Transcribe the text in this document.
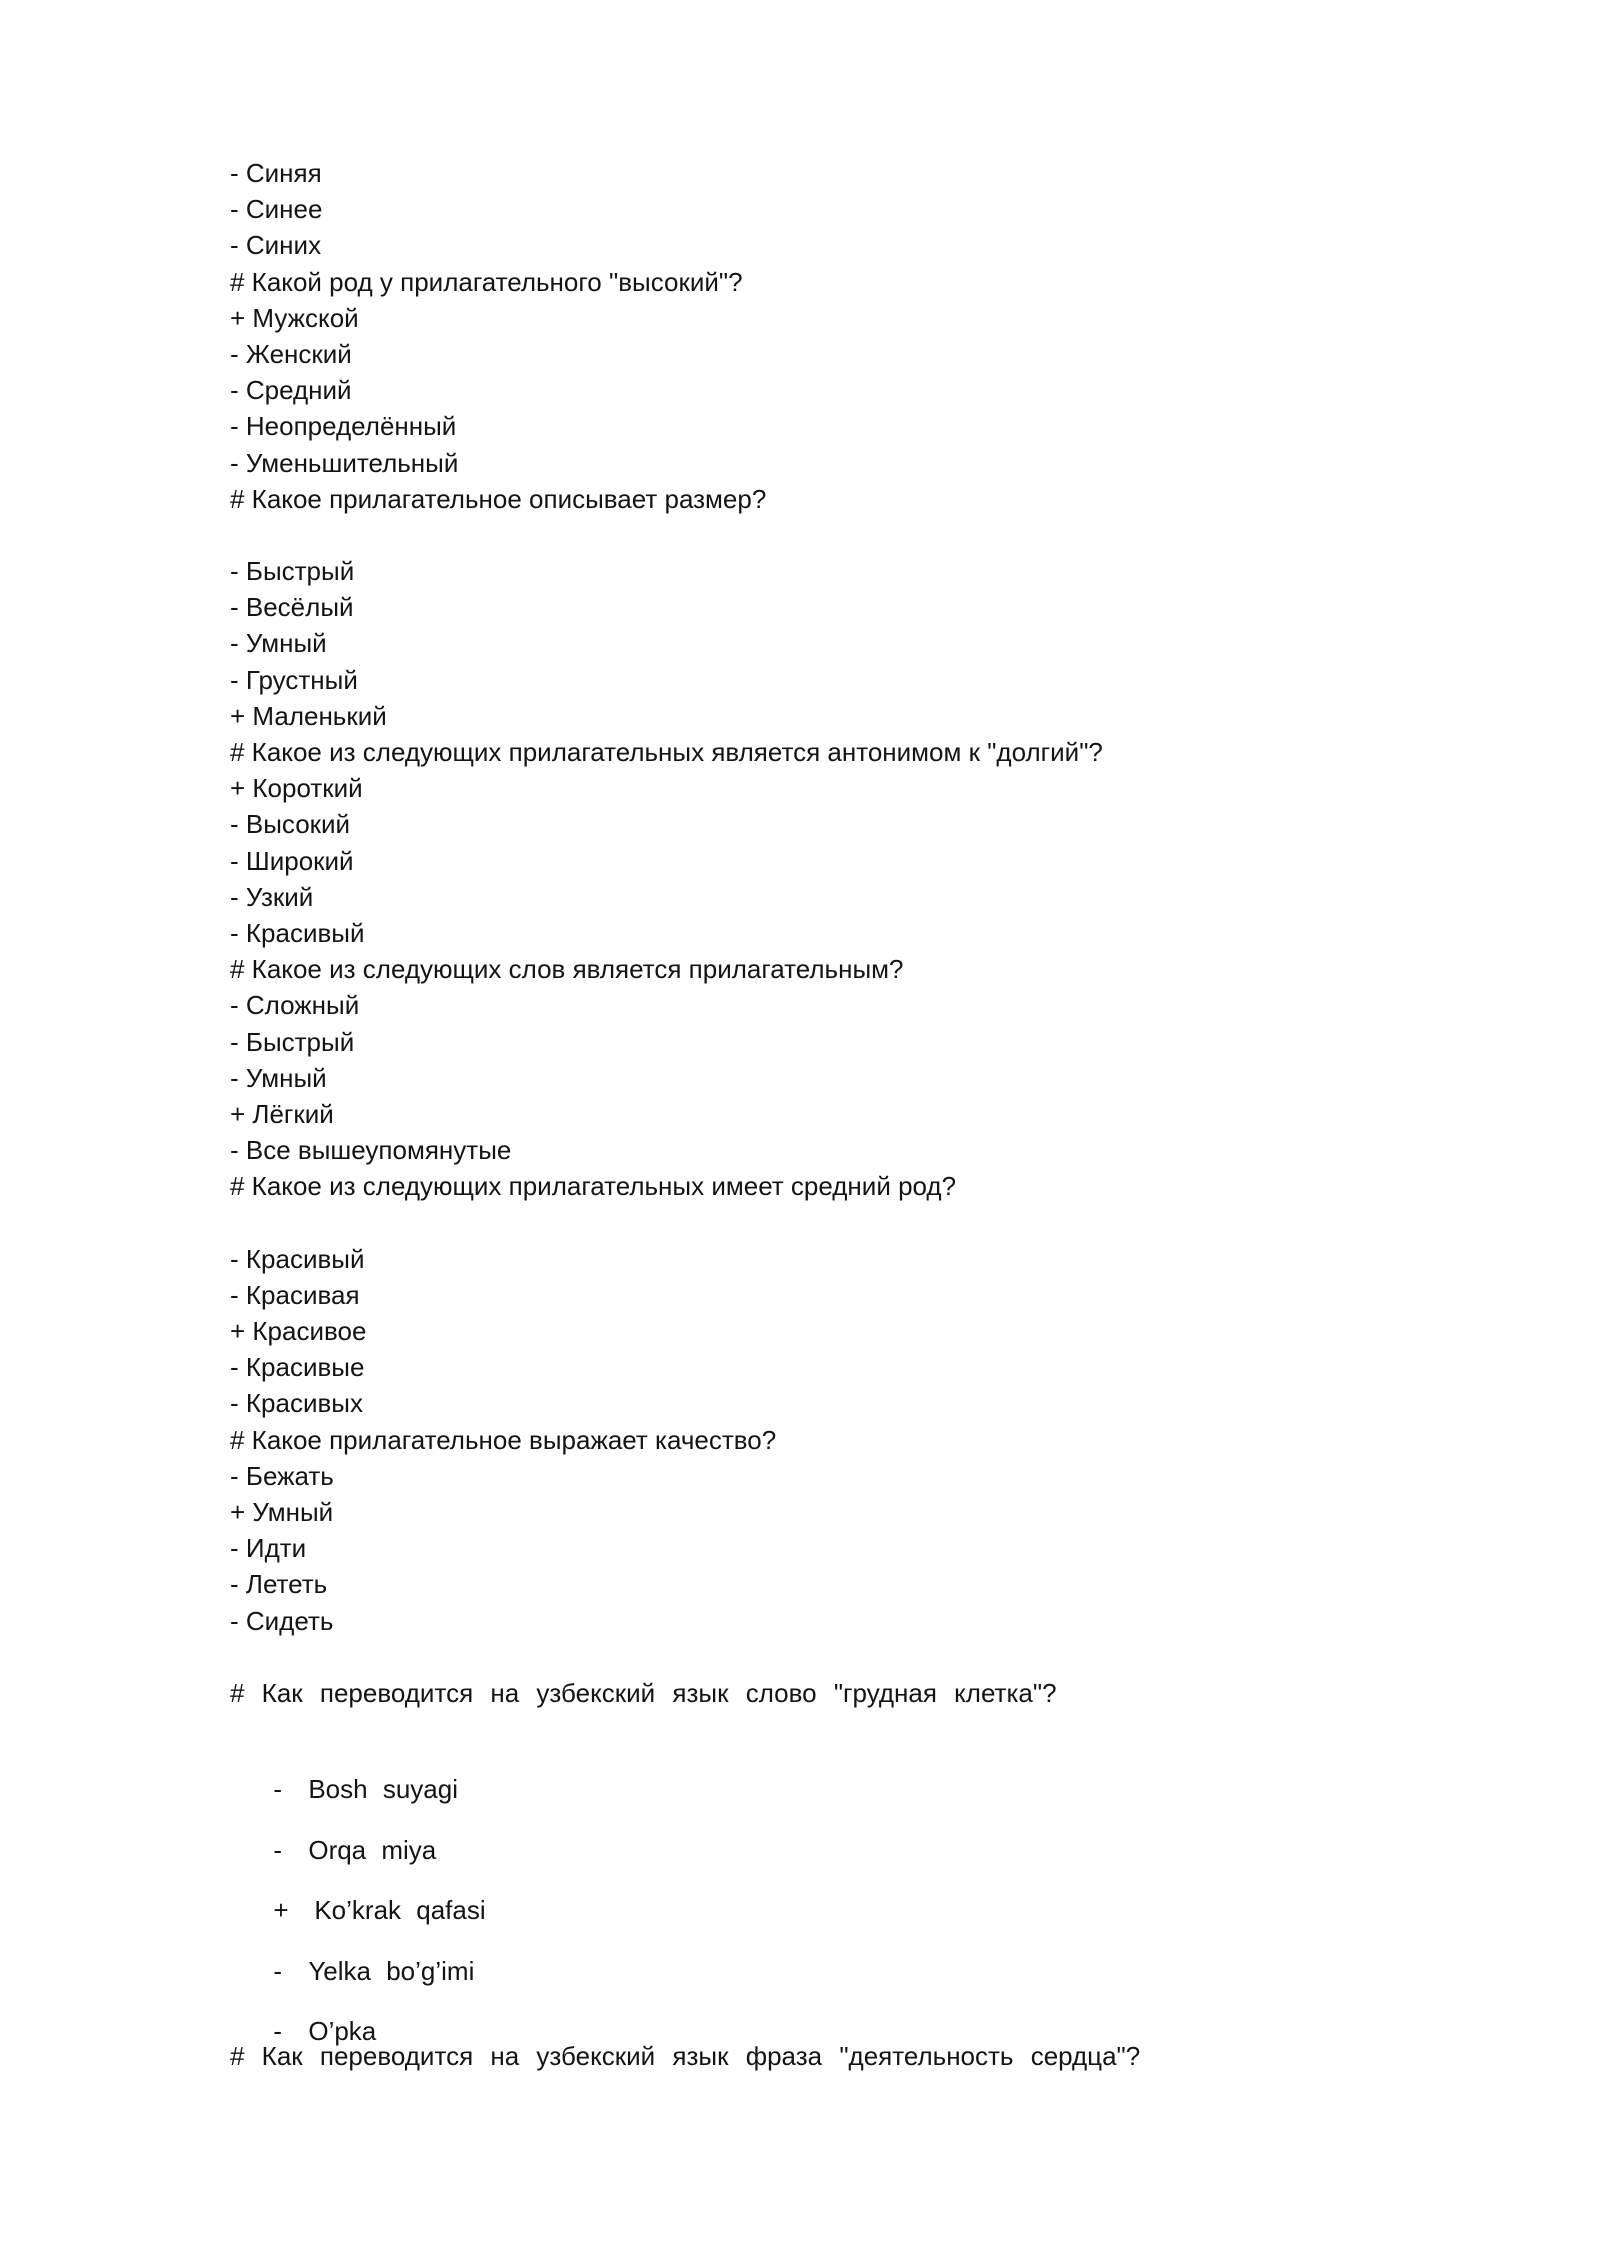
- Синяя
- Синее
- Синих
# Какой род у прилагательного "высокий"?
+ Мужской
- Женский
- Средний
- Неопределённый
- Уменьшительный
# Какое прилагательное описывает размер?
- Быстрый
- Весёлый
- Умный
- Грустный
+ Маленький
# Какое из следующих прилагательных является антонимом к "долгий"?
+ Короткий
- Высокий
- Широкий
- Узкий
- Красивый
# Какое из следующих слов является прилагательным?
- Сложный
- Быстрый
- Умный
+ Лёгкий
- Все вышеупомянутые
# Какое из следующих прилагательных имеет средний род?
- Красивый
- Красивая
+ Красивое
- Красивые
- Красивых
# Какое прилагательное выражает качество?
- Бежать
+ Умный
- Идти
- Лететь
- Сидеть
# Как переводится на узбекский язык слово "грудная клетка"?

- Bosh suyagi

- Orqa miya

+ Ko’krak qafasi

- Yelka bo’g’imi

- O’pka

# Как переводится на узбекский язык фраза "деятельность сердца"?
